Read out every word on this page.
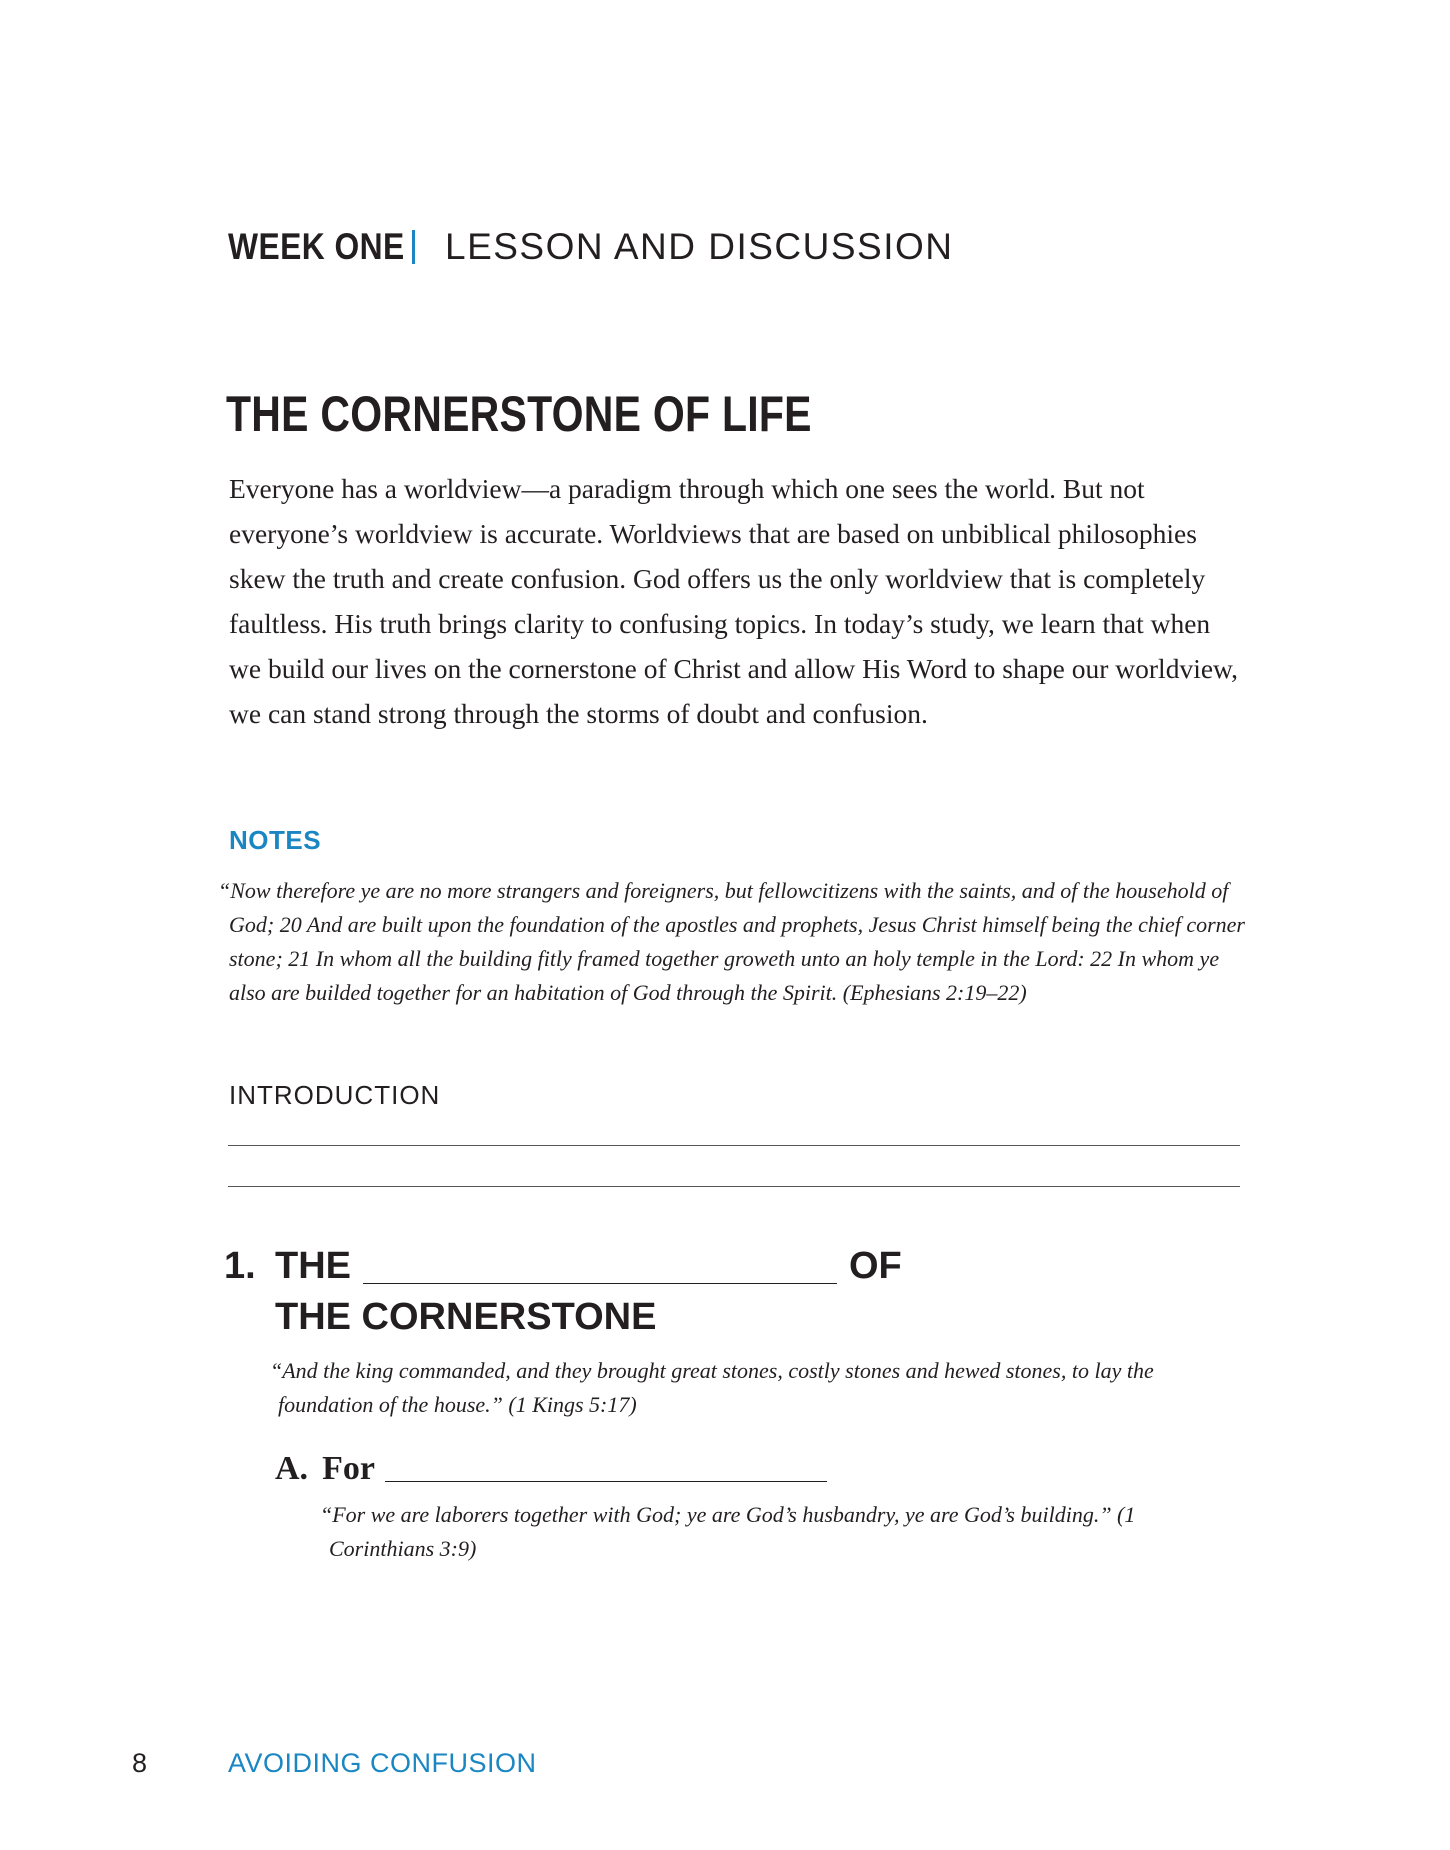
WEEK ONE LESSON AND DISCUSSION
THE CORNERSTONE OF LIFE

Everyone has a worldview—a paradigm through which one sees the world. But not everyone’s worldview is accurate. Worldviews that are based on unbiblical philosophies skew the truth and create confusion. God offers us the only worldview that is completely faultless. His truth brings clarity to confusing topics. In today’s study, we learn that when we build our lives on the cornerstone of Christ and allow His Word to shape our worldview, we can stand strong through the storms of doubt and confusion.

NOTES

“Now therefore ye are no more strangers and foreigners, but fellowcitizens with the saints, and of the household of God; 20 And are built upon the foundation of the apostles and prophets, Jesus Christ himself being the chief corner stone; 21 In whom all the building fitly framed together groweth unto an holy temple in the Lord: 22 In whom ye also are builded together for an habitation of God through the Spirit. (Ephesians 2:19–22)

INTRODUCTION
1. THE	OF
THE CORNERSTONE

“And the king commanded, and they brought great stones, costly stones and hewed stones, to lay the foundation of the house.” (1 Kings 5:17)

A. For

“For we are laborers together with God; ye are God’s husbandry, ye are God’s building.” (1 Corinthians 3:9)

8	AVOIDING CONFUSION
